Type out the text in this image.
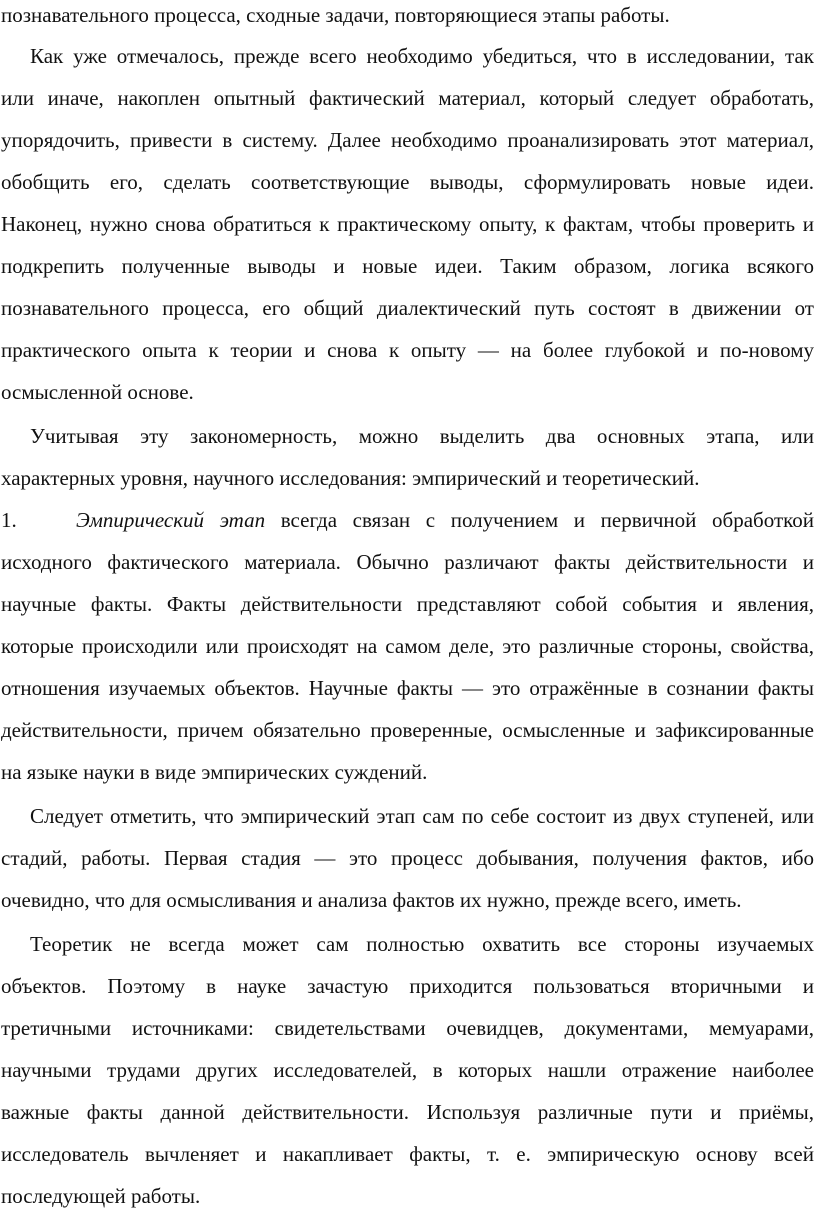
познавательного процесса, сходные задачи, повторяющиеся этапы работы.
Как уже отмечалось, прежде всего необходимо убедиться, что в исследовании, так
или иначе, накоплен опытный фактический материал, который следует обработать,
упорядочить, привести в систему. Далее необходимо проанализировать этот материал,
обобщить его, сделать соответствующие выводы, сформулировать новые идеи.
Наконец, нужно снова обратиться к практическому опыту, к фактам, чтобы проверить и
подкрепить полученные выводы и новые идеи. Таким образом, логика всякого
познавательного процесса, его общий диалектический путь состоят в движении от
практического опыта к теории и снова к опыту — на более глубокой и по-новому
осмысленной основе.
Учитывая эту закономерность, можно выделить два основных этапа, или
характерных уровня, научного исследования: эмпирический и теоретический.
1.	Эмпирический этап всегда связан с получением и первичной обработкой
исходного фактического материала. Обычно различают факты действительности и
научные факты. Факты действительности представляют собой события и явления,
которые происходили или происходят на самом деле, это различные стороны, свойства,
отношения изучаемых объектов. Научные факты — это отражённые в сознании факты
действительности, причем обязательно проверенные, осмысленные и зафиксированные
на языке науки в виде эмпирических суждений.
Следует отметить, что эмпирический этап сам по себе состоит из двух ступеней, или
стадий, работы. Первая стадия — это процесс добывания, получения фактов, ибо
очевидно, что для осмысливания и анализа фактов их нужно, прежде всего, иметь.
Теоретик не всегда может сам полностью охватить все стороны изучаемых
объектов. Поэтому в науке зачастую приходится пользоваться вторичными и
третичными источниками: свидетельствами очевидцев, документами, мемуарами,
научными трудами других исследователей, в которых нашли отражение наиболее
важные факты данной действительности. Используя различные пути и приёмы,
исследователь вычленяет и накапливает факты, т. е. эмпирическую основу всей
последующей работы.
